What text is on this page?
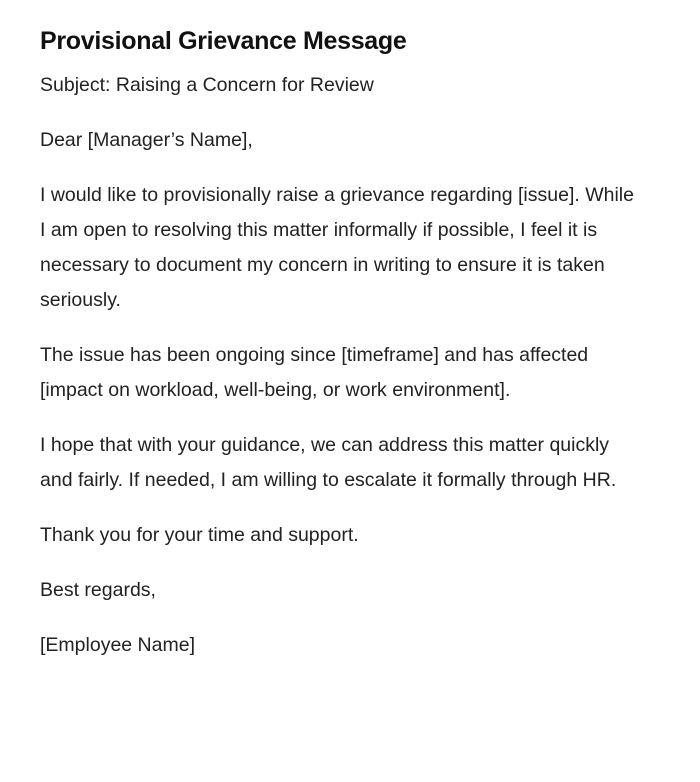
Provisional Grievance Message

Subject: Raising a Concern for Review

Dear [Manager’s Name],

I would like to provisionally raise a grievance regarding [issue]. While I am open to resolving this matter informally if possible, I feel it is necessary to document my concern in writing to ensure it is taken seriously.

The issue has been ongoing since [timeframe] and has affected [impact on workload, well-being, or work environment].

I hope that with your guidance, we can address this matter quickly and fairly. If needed, I am willing to escalate it formally through HR.

Thank you for your time and support.

Best regards,

[Employee Name]
